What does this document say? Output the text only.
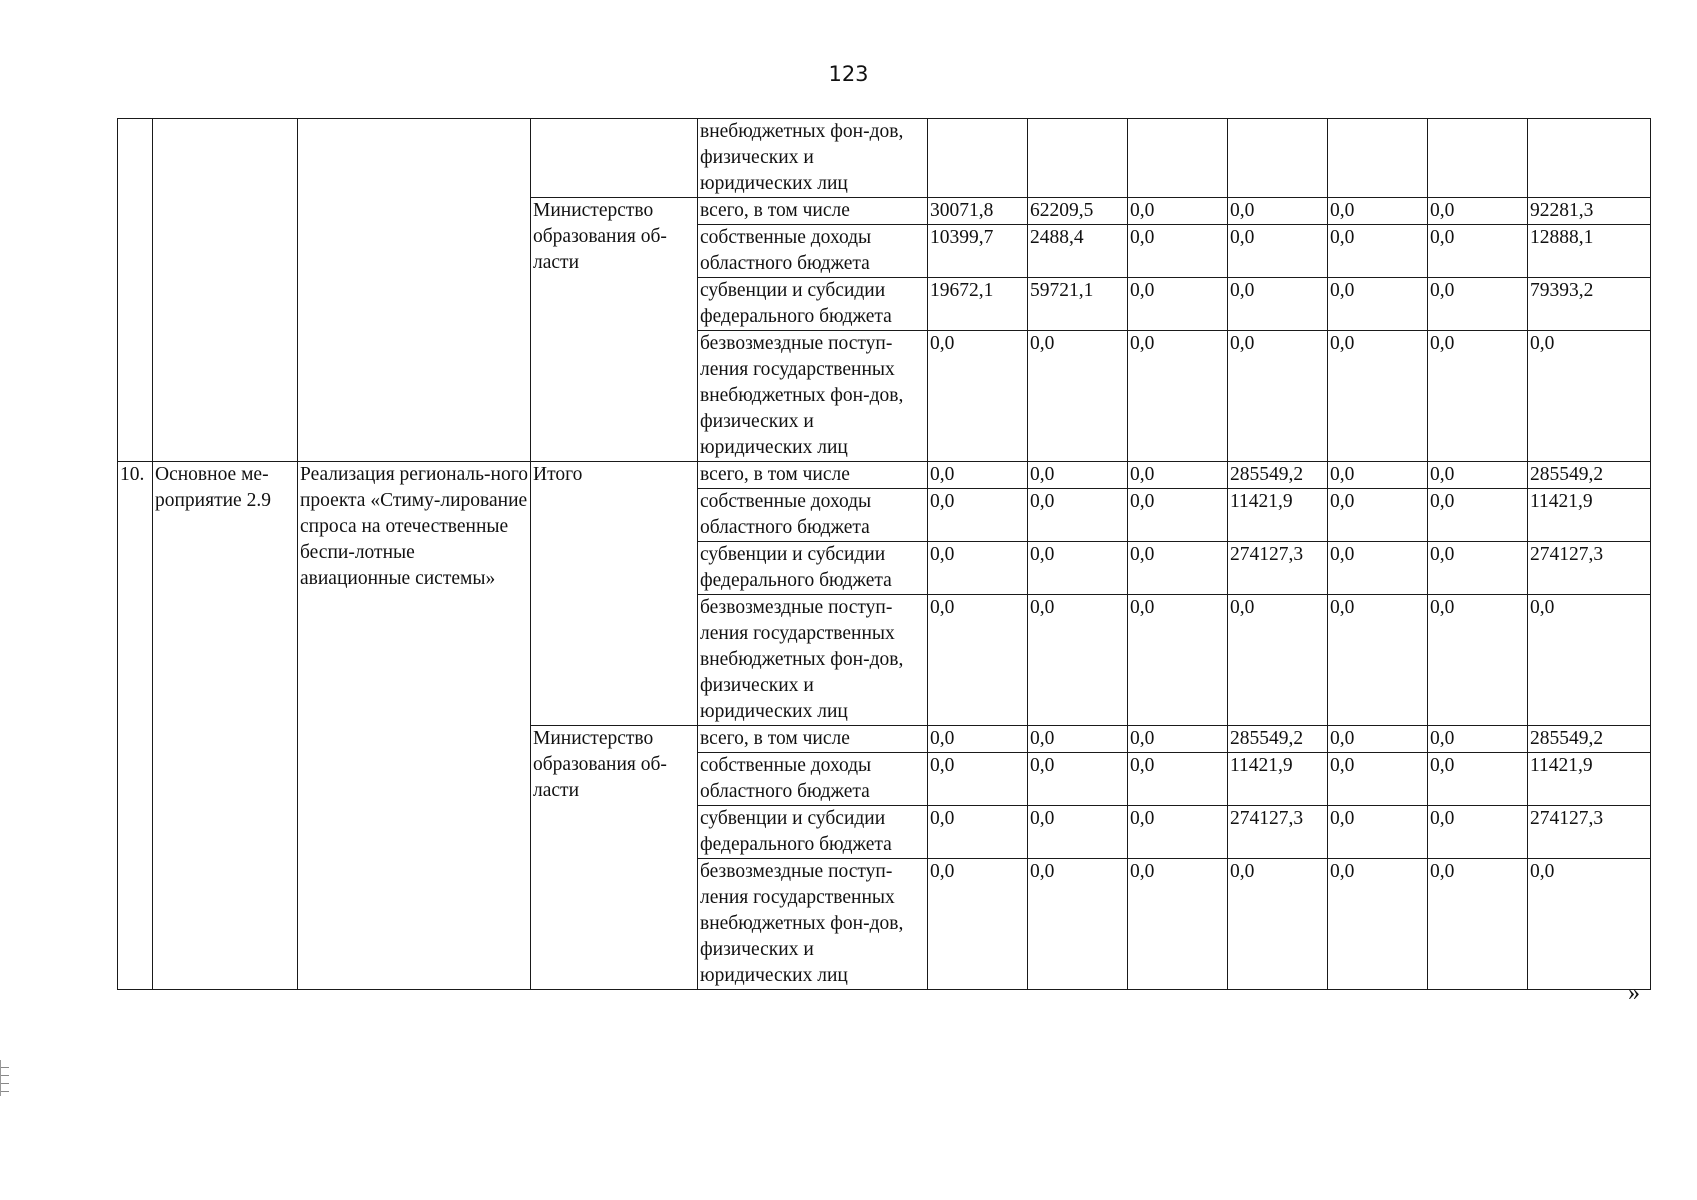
123
				внебюджетных фон-дов, физических и юридических лиц							
			Министерство образования об-ласти	всего, в том числе	30071,8	62209,5	0,0	0,0	0,0	0,0	92281,3
				собственные доходы областного бюджета	10399,7	2488,4	0,0	0,0	0,0	0,0	12888,1
				субвенции и субсидии федерального бюджета	19672,1	59721,1	0,0	0,0	0,0	0,0	79393,2
				безвозмездные поступ-ления государственных внебюджетных фон-дов, физических и юридических лиц	0,0	0,0	0,0	0,0	0,0	0,0	0,0
10.	Основное ме-роприятие 2.9	Реализация региональ-ного проекта «Стиму-лирование спроса на отечественные беспи-лотные авиационные системы»	Итого	всего, в том числе	0,0	0,0	0,0	285549,2	0,0	0,0	285549,2
				собственные доходы областного бюджета	0,0	0,0	0,0	11421,9	0,0	0,0	11421,9
				субвенции и субсидии федерального бюджета	0,0	0,0	0,0	274127,3	0,0	0,0	274127,3
				безвозмездные поступ-ления государственных внебюджетных фон-дов, физических и юридических лиц	0,0	0,0	0,0	0,0	0,0	0,0	0,0
			Министерство образования об-ласти	всего, в том числе	0,0	0,0	0,0	285549,2	0,0	0,0	285549,2
				собственные доходы областного бюджета	0,0	0,0	0,0	11421,9	0,0	0,0	11421,9
				субвенции и субсидии федерального бюджета	0,0	0,0	0,0	274127,3	0,0	0,0	274127,3
				безвозмездные поступ-ления государственных внебюджетных фон-дов, физических и юридических лиц	0,0	0,0	0,0	0,0	0,0	0,0	0,0
»
